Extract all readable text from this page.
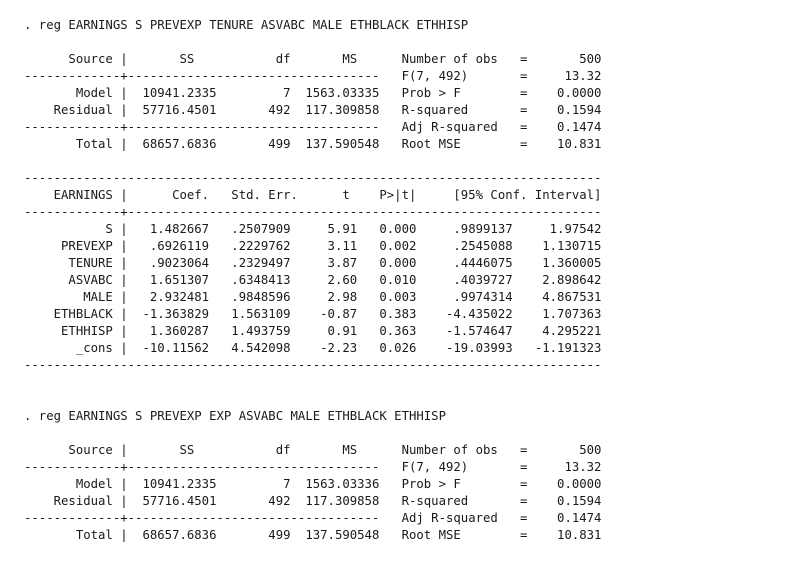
. reg EARNINGS S PREVEXP TENURE ASVABC MALE ETHBLACK ETHHISP
Source |       SS           df       MS      Number of obs   =       500
-------------+----------------------------------   F(7, 492)       =     13.32
Model |  10941.2335         7  1563.03335   Prob > F        =    0.0000
Residual |  57716.4501       492  117.309858   R-squared       =    0.1594
-------------+----------------------------------   Adj R-squared   =    0.1474
Total |  68657.6836       499  137.590548   Root MSE        =    10.831
------------------------------------------------------------------------------
EARNINGS |      Coef.   Std. Err.      t    P>|t|     [95% Conf. Interval]
-------------+----------------------------------------------------------------
S |   1.482667   .2507909     5.91   0.000     .9899137     1.97542
PREVEXP |   .6926119   .2229762     3.11   0.002     .2545088    1.130715
TENURE |   .9023064   .2329497     3.87   0.000     .4446075    1.360005
ASVABC |   1.651307   .6348413     2.60   0.010     .4039727    2.898642
MALE |   2.932481   .9848596     2.98   0.003     .9974314    4.867531
ETHBLACK |  -1.363829   1.563109    -0.87   0.383    -4.435022    1.707363
ETHHISP |   1.360287   1.493759     0.91   0.363    -1.574647    4.295221
_cons |  -10.11562   4.542098    -2.23   0.026    -19.03993   -1.191323
------------------------------------------------------------------------------
. reg EARNINGS S PREVEXP EXP ASVABC MALE ETHBLACK ETHHISP
Source |       SS           df       MS      Number of obs   =       500
-------------+----------------------------------   F(7, 492)       =     13.32
Model |  10941.2335         7  1563.03336   Prob > F        =    0.0000
Residual |  57716.4501       492  117.309858   R-squared       =    0.1594
-------------+----------------------------------   Adj R-squared   =    0.1474
Total |  68657.6836       499  137.590548   Root MSE        =    10.831
